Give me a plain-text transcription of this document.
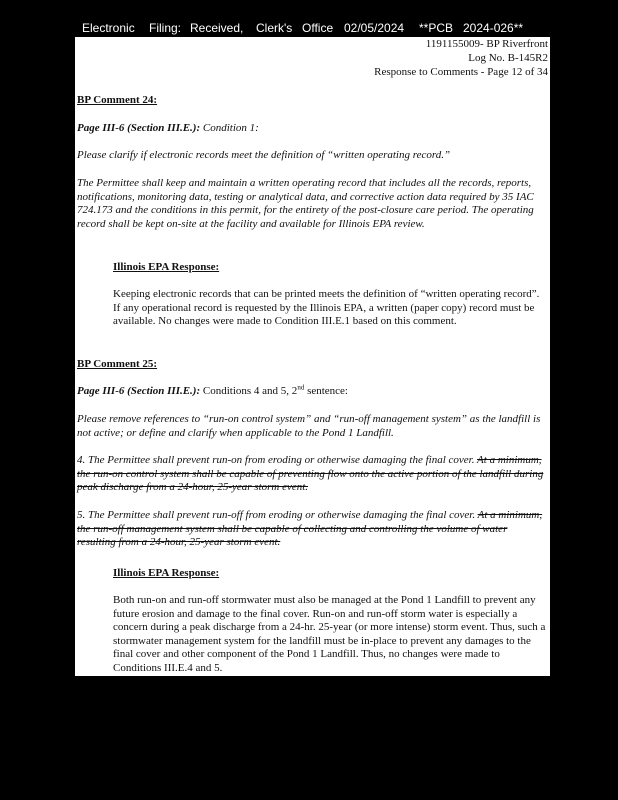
Electronic Filing: Received, Clerk's Office 02/05/2024 **PCB 2024-026**
1191155009- BP Riverfront
Log No. B-145R2
Response to Comments - Page 12 of 34
BP Comment 24:
Page III-6 (Section III.E.): Condition 1:
Please clarify if electronic records meet the definition of “written operating record.”
The Permittee shall keep and maintain a written operating record that includes all the records, reports, notifications, monitoring data, testing or analytical data, and corrective action data required by 35 IAC 724.173 and the conditions in this permit, for the entirety of the post-closure care period. The operating record shall be kept on-site at the facility and available for Illinois EPA review.
Illinois EPA Response:
Keeping electronic records that can be printed meets the definition of “written operating record”. If any operational record is requested by the Illinois EPA, a written (paper copy) record must be available. No changes were made to Condition III.E.1 based on this comment.
BP Comment 25:
Page III-6 (Section III.E.): Conditions 4 and 5, 2nd sentence:
Please remove references to “run-on control system” and “run-off management system” as the landfill is not active; or define and clarify when applicable to the Pond 1 Landfill.
4. The Permittee shall prevent run-on from eroding or otherwise damaging the final cover. At a minimum, the run-on control system shall be capable of preventing flow onto the active portion of the landfill during peak discharge from a 24-hour, 25-year storm event.
5. The Permittee shall prevent run-off from eroding or otherwise damaging the final cover. At a minimum, the run-off management system shall be capable of collecting and controlling the volume of water resulting from a 24-hour, 25-year storm event.
Illinois EPA Response:
Both run-on and run-off stormwater must also be managed at the Pond 1 Landfill to prevent any future erosion and damage to the final cover. Run-on and run-off storm water is especially a concern during a peak discharge from a 24-hr. 25-year (or more intense) storm event. Thus, such a stormwater management system for the landfill must be in-place to prevent any damages to the final cover and other component of the Pond 1 Landfill. Thus, no changes were made to Conditions III.E.4 and 5.
